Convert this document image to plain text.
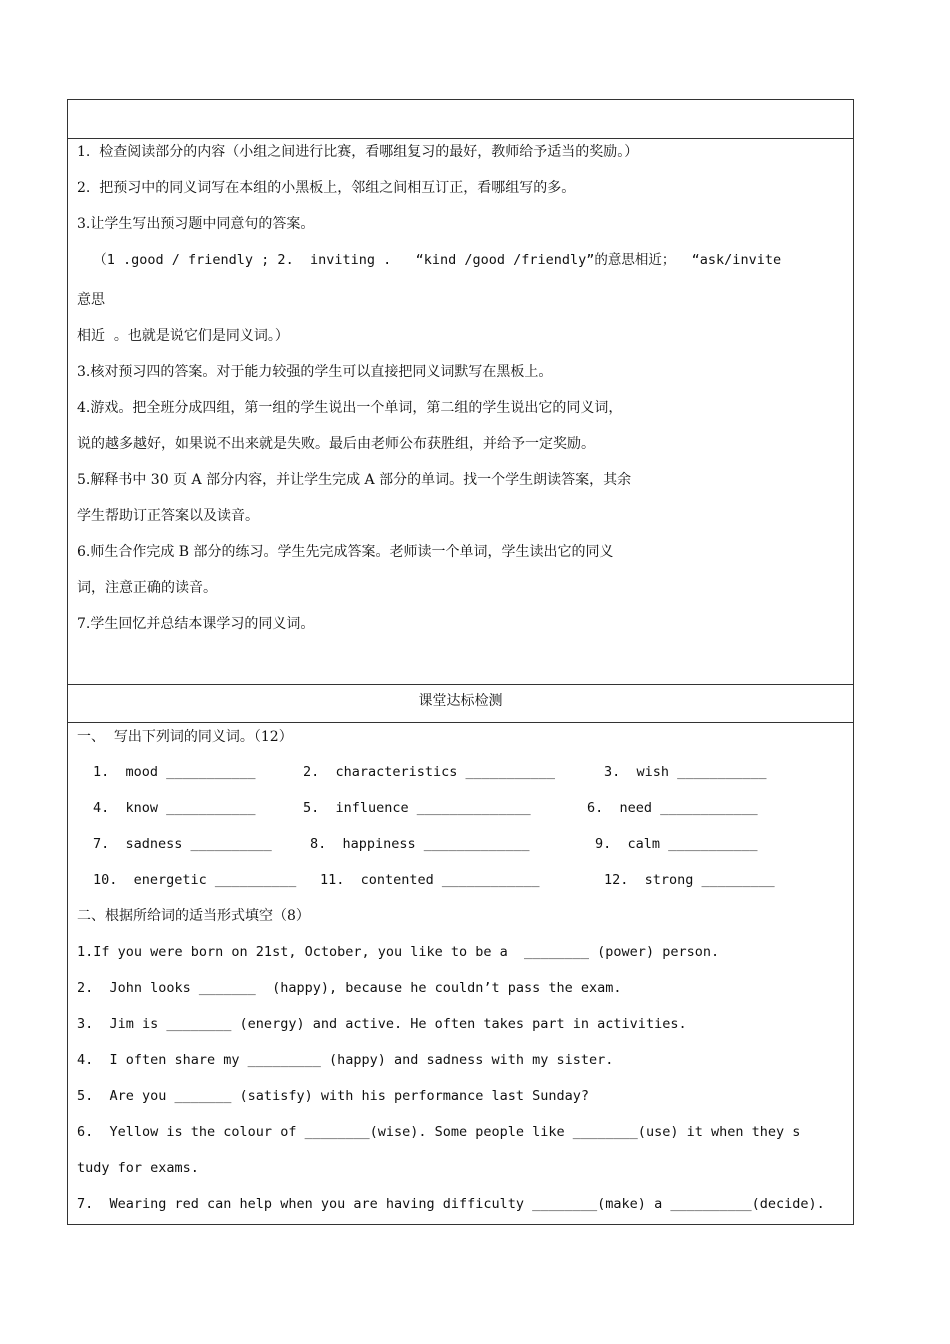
1.  检查阅读部分的内容（小组之间进行比赛，看哪组复习的最好，教师给予适当的奖励。）
2.  把预习中的同义词写在本组的小黑板上，邻组之间相互订正，看哪组写的多。
3.让学生写出预习题中同意句的答案。
（1 .good / friendly ; 2.  inviting .   “kind /good /friendly”的意思相近；  “ask/invite
意思
相近  。也就是说它们是同义词。）
3.核对预习四的答案。对于能力较强的学生可以直接把同义词默写在黑板上。
4.游戏。把全班分成四组，第一组的学生说出一个单词，第二组的学生说出它的同义词，
说的越多越好，如果说不出来就是失败。最后由老师公布获胜组，并给予一定奖励。
5.解释书中 30 页 A 部分内容，并让学生完成 A 部分的单词。找一个学生朗读答案，其余
学生帮助订正答案以及读音。
6.师生合作完成 B 部分的练习。学生先完成答案。老师读一个单词，学生读出它的同义
词，注意正确的读音。
7.学生回忆并总结本课学习的同义词。
课堂达标检测
一、  写出下列词的同义词。（12）
1.  mood ___________	2.  characteristics ___________	3.  wish ___________
4.  know ___________	5.  influence ______________	6.  need ____________
7.  sadness __________	8.  happiness _____________	9.  calm ___________
10.  energetic __________ 11.  contented ____________	12.  strong _________
二、根据所给词的适当形式填空（8）
1.If you were born on 21st, October, you like to be a  ________ (power) person.
2.  John looks _______  (happy), because he couldn’t pass the exam.
3.  Jim is ________ (energy) and active. He often takes part in activities.
4.  I often share my _________ (happy) and sadness with my sister.
5.  Are you _______ (satisfy) with his performance last Sunday?
6.  Yellow is the colour of ________(wise). Some people like ________(use) it when they s
tudy for exams.
7.  Wearing red can help when you are having difficulty ________(make) a __________(decide).
